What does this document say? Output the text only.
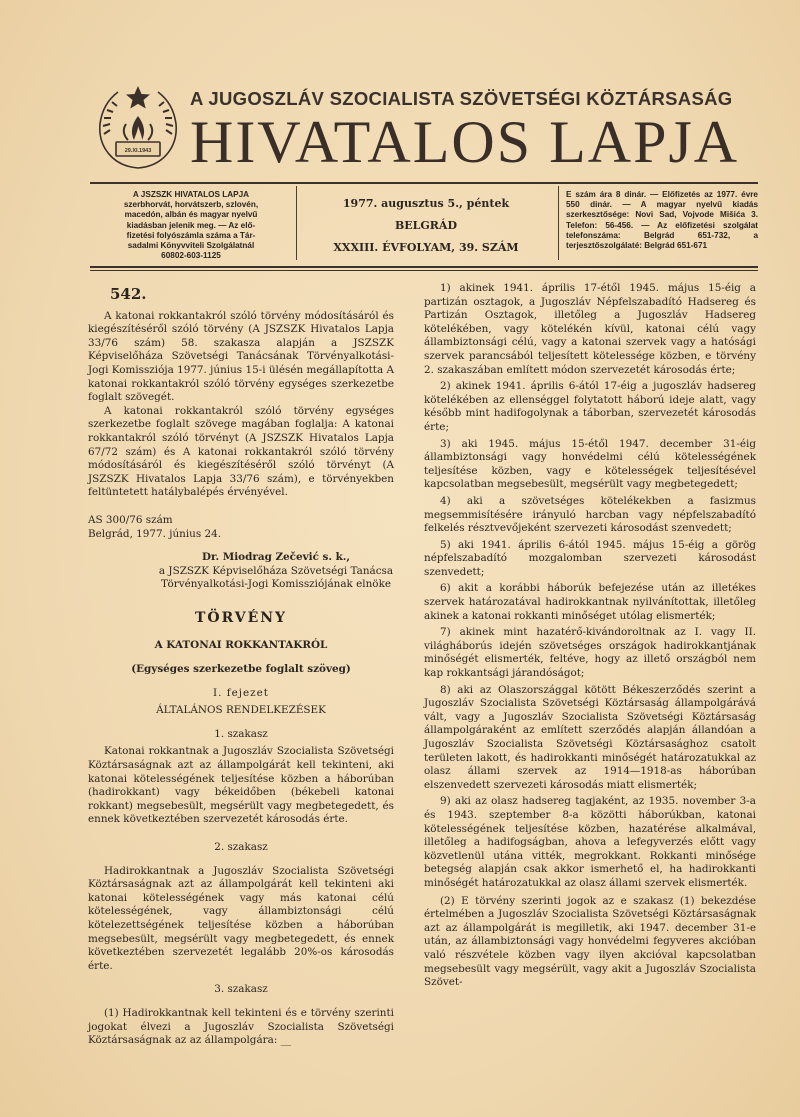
29.XI.1943
A JUGOSZLÁV SZOCIALISTA SZÖVETSÉGI KÖZTÁRSASÁG
HIVATALOS LAPJA
A JSZSZK HIVATALOS LAPJA
szerbhorvát, horvátszerb, szlovén,
macedón, albán és magyar nyelvű
kiadásban jelenik meg. — Az elő-
fizetési folyószámla száma a Tár-
sadalmi Könyvviteli Szolgálatnál
60802-603-1125
1977. augusztus 5., péntek
BELGRÁD
XXXIII. ÉVFOLYAM, 39. SZÁM
E szám ára 8 dinár. — Előfizetés az 1977. évre 550 dinár. — A magyar nyelvű kiadás szerkesztősége: Novi Sad, Vojvode Mišića 3. Telefon: 56-456. — Az előfizetési szolgálat telefonszáma: Belgrád 651-732, a terjesztőszolgálaté: Belgrád 651-671

542.

A katonai rokkantakról szóló törvény módosításáról és kiegészítéséről szóló törvény (A JSZSZK Hivatalos Lapja 33/76 szám) 58. szakasza alapján a JSZSZK Képviselőháza Szövetségi Tanácsának Törvényalkotási-Jogi Komissziója 1977. június 15-i ülésén megállapította A katonai rokkantakról szóló törvény egységes szerkezetbe foglalt szövegét.

A katonai rokkantakról szóló törvény egységes szerkezetbe foglalt szövege magában foglalja: A katonai rokkantakról szóló törvényt (A JSZSZK Hivatalos Lapja 67/72 szám) és A katonai rokkantakról szóló törvény módosításáról és kiegészítéséről szóló törvényt (A JSZSZK Hivatalos Lapja 33/76 szám), e törvényekben feltüntetett hatálybalépés érvényével.

AS 300/76 szám

Belgrád, 1977. június 24.

Dr. Miodrag Zečević s. k.,

a JSZSZK Képviselőháza Szövetségi Tanácsa Törvényalkotási-Jogi Komissziójának elnöke

TÖRVÉNY

A KATONAI ROKKANTAKRÓL

(Egységes szerkezetbe foglalt szöveg)

I. fejezet

ÁLTALÁNOS RENDELKEZÉSEK

1. szakasz

Katonai rokkantnak a Jugoszláv Szocialista Szövetségi Köztársaságnak azt az állampolgárát kell tekinteni, aki katonai kötelességének teljesítése közben a háborúban (hadirokkant) vagy békeidőben (békebeli katonai rokkant) megsebesült, megsérült vagy megbetegedett, és ennek következtében szervezetét károsodás érte.

2. szakasz

Hadirokkantnak a Jugoszláv Szocialista Szövetségi Köztársaságnak azt az állampolgárát kell tekinteni aki katonai kötelességének vagy más katonai célú kötelességének, vagy állambiztonsági célú kötelezettségének teljesítése közben a háborúban megsebesült, megsérült vagy megbetegedett, és ennek következtében szervezetét legalább 20%-os károsodás érte.

3. szakasz

(1) Hadirokkantnak kell tekinteni és e törvény szerinti jogokat élvezi a Jugoszláv Szocialista Szövetségi Köztársaságnak az az állampolgára: __

1) akinek 1941. április 17-étől 1945. május 15-éig a partizán osztagok, a Jugoszláv Népfelszabadító Hadsereg és Partizán Osztagok, illetőleg a Jugoszláv Hadsereg kötelékében, vagy kötelékén kívül, katonai célú vagy állambiztonsági célú, vagy a katonai szervek vagy a hatósági szervek parancsából teljesített kötelessége közben, e törvény 2. szakaszában említett módon szervezetét károsodás érte;

2) akinek 1941. április 6-ától 17-éig a jugoszláv hadsereg kötelékében az ellenséggel folytatott háború ideje alatt, vagy később mint hadifogolynak a táborban, szervezetét károsodás érte;

3) aki 1945. május 15-étől 1947. december 31-éig állambiztonsági vagy honvédelmi célú kötelességének teljesítése közben, vagy e kötelességek teljesítésével kapcsolatban megsebesült, megsérült vagy megbetegedett;

4) aki a szövetséges kötelékekben a fasizmus megsemmisítésére irányuló harcban vagy népfelszabadító felkelés résztvevőjeként szervezeti károsodást szenvedett;

5) aki 1941. április 6-ától 1945. május 15-éig a görög népfelszabadító mozgalomban szervezeti károsodást szenvedett;

6) akit a korábbi háborúk befejezése után az illetékes szervek határozatával hadirokkantnak nyilvánítottak, illetőleg akinek a katonai rokkanti minőséget utólag elismerték;

7) akinek mint hazatérő-kivándoroltnak az I. vagy II. világháborús idején szövetséges országok hadirokkantjának minőségét elismerték, feltéve, hogy az illető országból nem kap rokkantsági járandóságot;

8) aki az Olaszországgal kötött Békeszerződés szerint a Jugoszláv Szocialista Szövetségi Köztársaság állampolgárává vált, vagy a Jugoszláv Szocialista Szövetségi Köztársaság állampolgáraként az említett szerződés alapján állandóan a Jugoszláv Szocialista Szövetségi Köztársasághoz csatolt területen lakott, és hadirokkanti minőségét határozatukkal az olasz állami szervek az 1914—1918-as háborúban elszenvedett szervezeti károsodás miatt elismerték;

9) aki az olasz hadsereg tagjaként, az 1935. november 3-a és 1943. szeptember 8-a közötti háborúkban, katonai kötelességének teljesítése közben, hazatérése alkalmával, illetőleg a hadifogságban, ahova a lefegyverzés előtt vagy közvetlenül utána vitték, megrokkant. Rokkanti minősége betegség alapján csak akkor ismerhető el, ha hadirokkanti minőségét határozatukkal az olasz állami szervek elismerték.

(2) E törvény szerinti jogok az e szakasz (1) bekezdése értelmében a Jugoszláv Szocialista Szövetségi Köztársaságnak azt az állampolgárát is megilletik, aki 1947. december 31-e után, az állambiztonsági vagy honvédelmi fegyveres akcióban való részvétele közben vagy ilyen akcióval kapcsolatban megsebesült vagy megsérült, vagy akit a Jugoszláv Szocialista Szövet-
